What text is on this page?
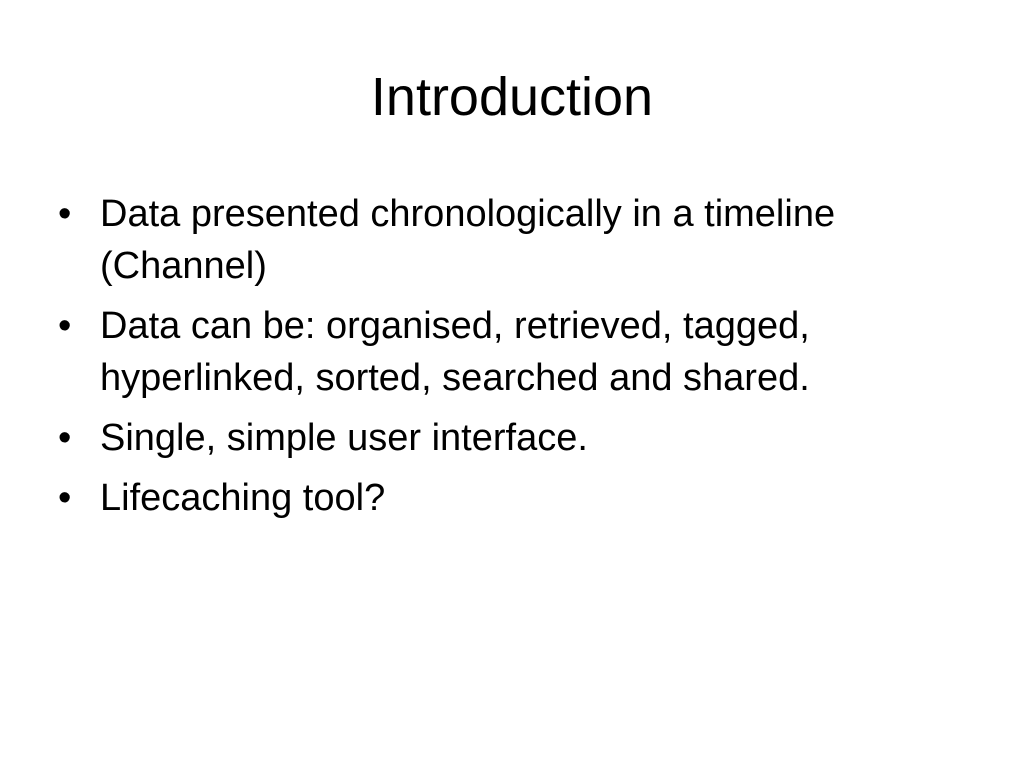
Introduction
• Data presented chronologically in a timeline (Channel)
• Data can be: organised, retrieved, tagged, hyperlinked, sorted, searched and shared.
• Single, simple user interface.
• Lifecaching tool?
